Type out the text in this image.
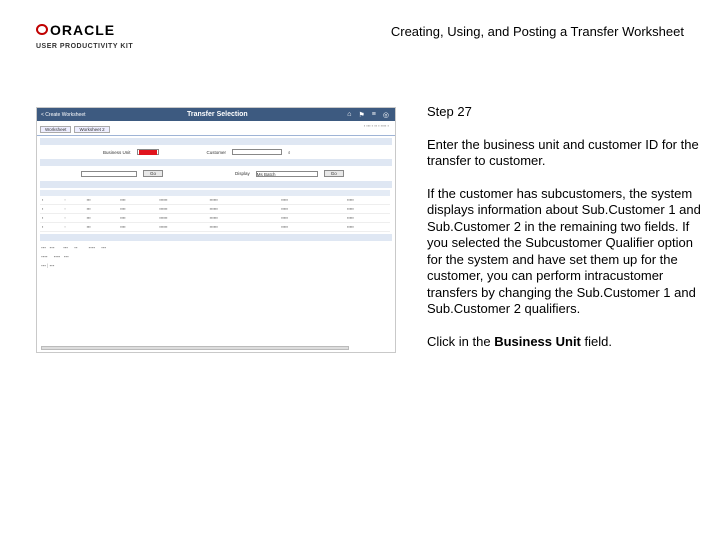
ORACLE
USER PRODUCTIVITY KIT
Creating, Using, and Posting a Transfer Worksheet
< Create Worksheet	Transfer Selection	⌂ ⚑ ≡ ◎
▪ ▪▪▪ ▪ ▪▪ ▪ ▪▪▪▪ ▪
Worksheet	Worksheet 2

Business Unit	Customer	⌕

Go	Display Ms Batch	Go

▪	▫	▪▪▪	▪▪▪▪	▪▪▪▪▪▪	▪▪▪▪▪▪		▪▪▪▪▪		▪▪▪▪▪
▪	▫	▪▪▪	▪▪▪▪	▪▪▪▪▪▪	▪▪▪▪▪▪		▪▪▪▪▪		▪▪▪▪▪
▪	▫	▪▪▪	▪▪▪▪	▪▪▪▪▪▪	▪▪▪▪▪▪		▪▪▪▪▪		▪▪▪▪▪
▪	▫	▪▪▪	▪▪▪▪	▪▪▪▪▪▪	▪▪▪▪▪▪		▪▪▪▪▪		▪▪▪▪▪

▪▪▪   ▪▪▪       ▪▪▪     ▪▪         ▪▪▪▪     ▪▪▪
▪▪▪▪     ▪▪▪▪   ▪▪▪
▪▪▪ | ▪▪▪

Step 27

Enter the business unit and customer ID for the transfer to customer.

If the customer has subcustomers, the system displays information about Sub.Customer 1 and Sub.Customer 2 in the remaining two fields. If you selected the Subcustomer Qualifier option for the system and have set them up for the customer, you can perform intracustomer transfers by changing the Sub.Customer 1 and Sub.Customer 2 qualifiers.

Click in the Business Unit field.
